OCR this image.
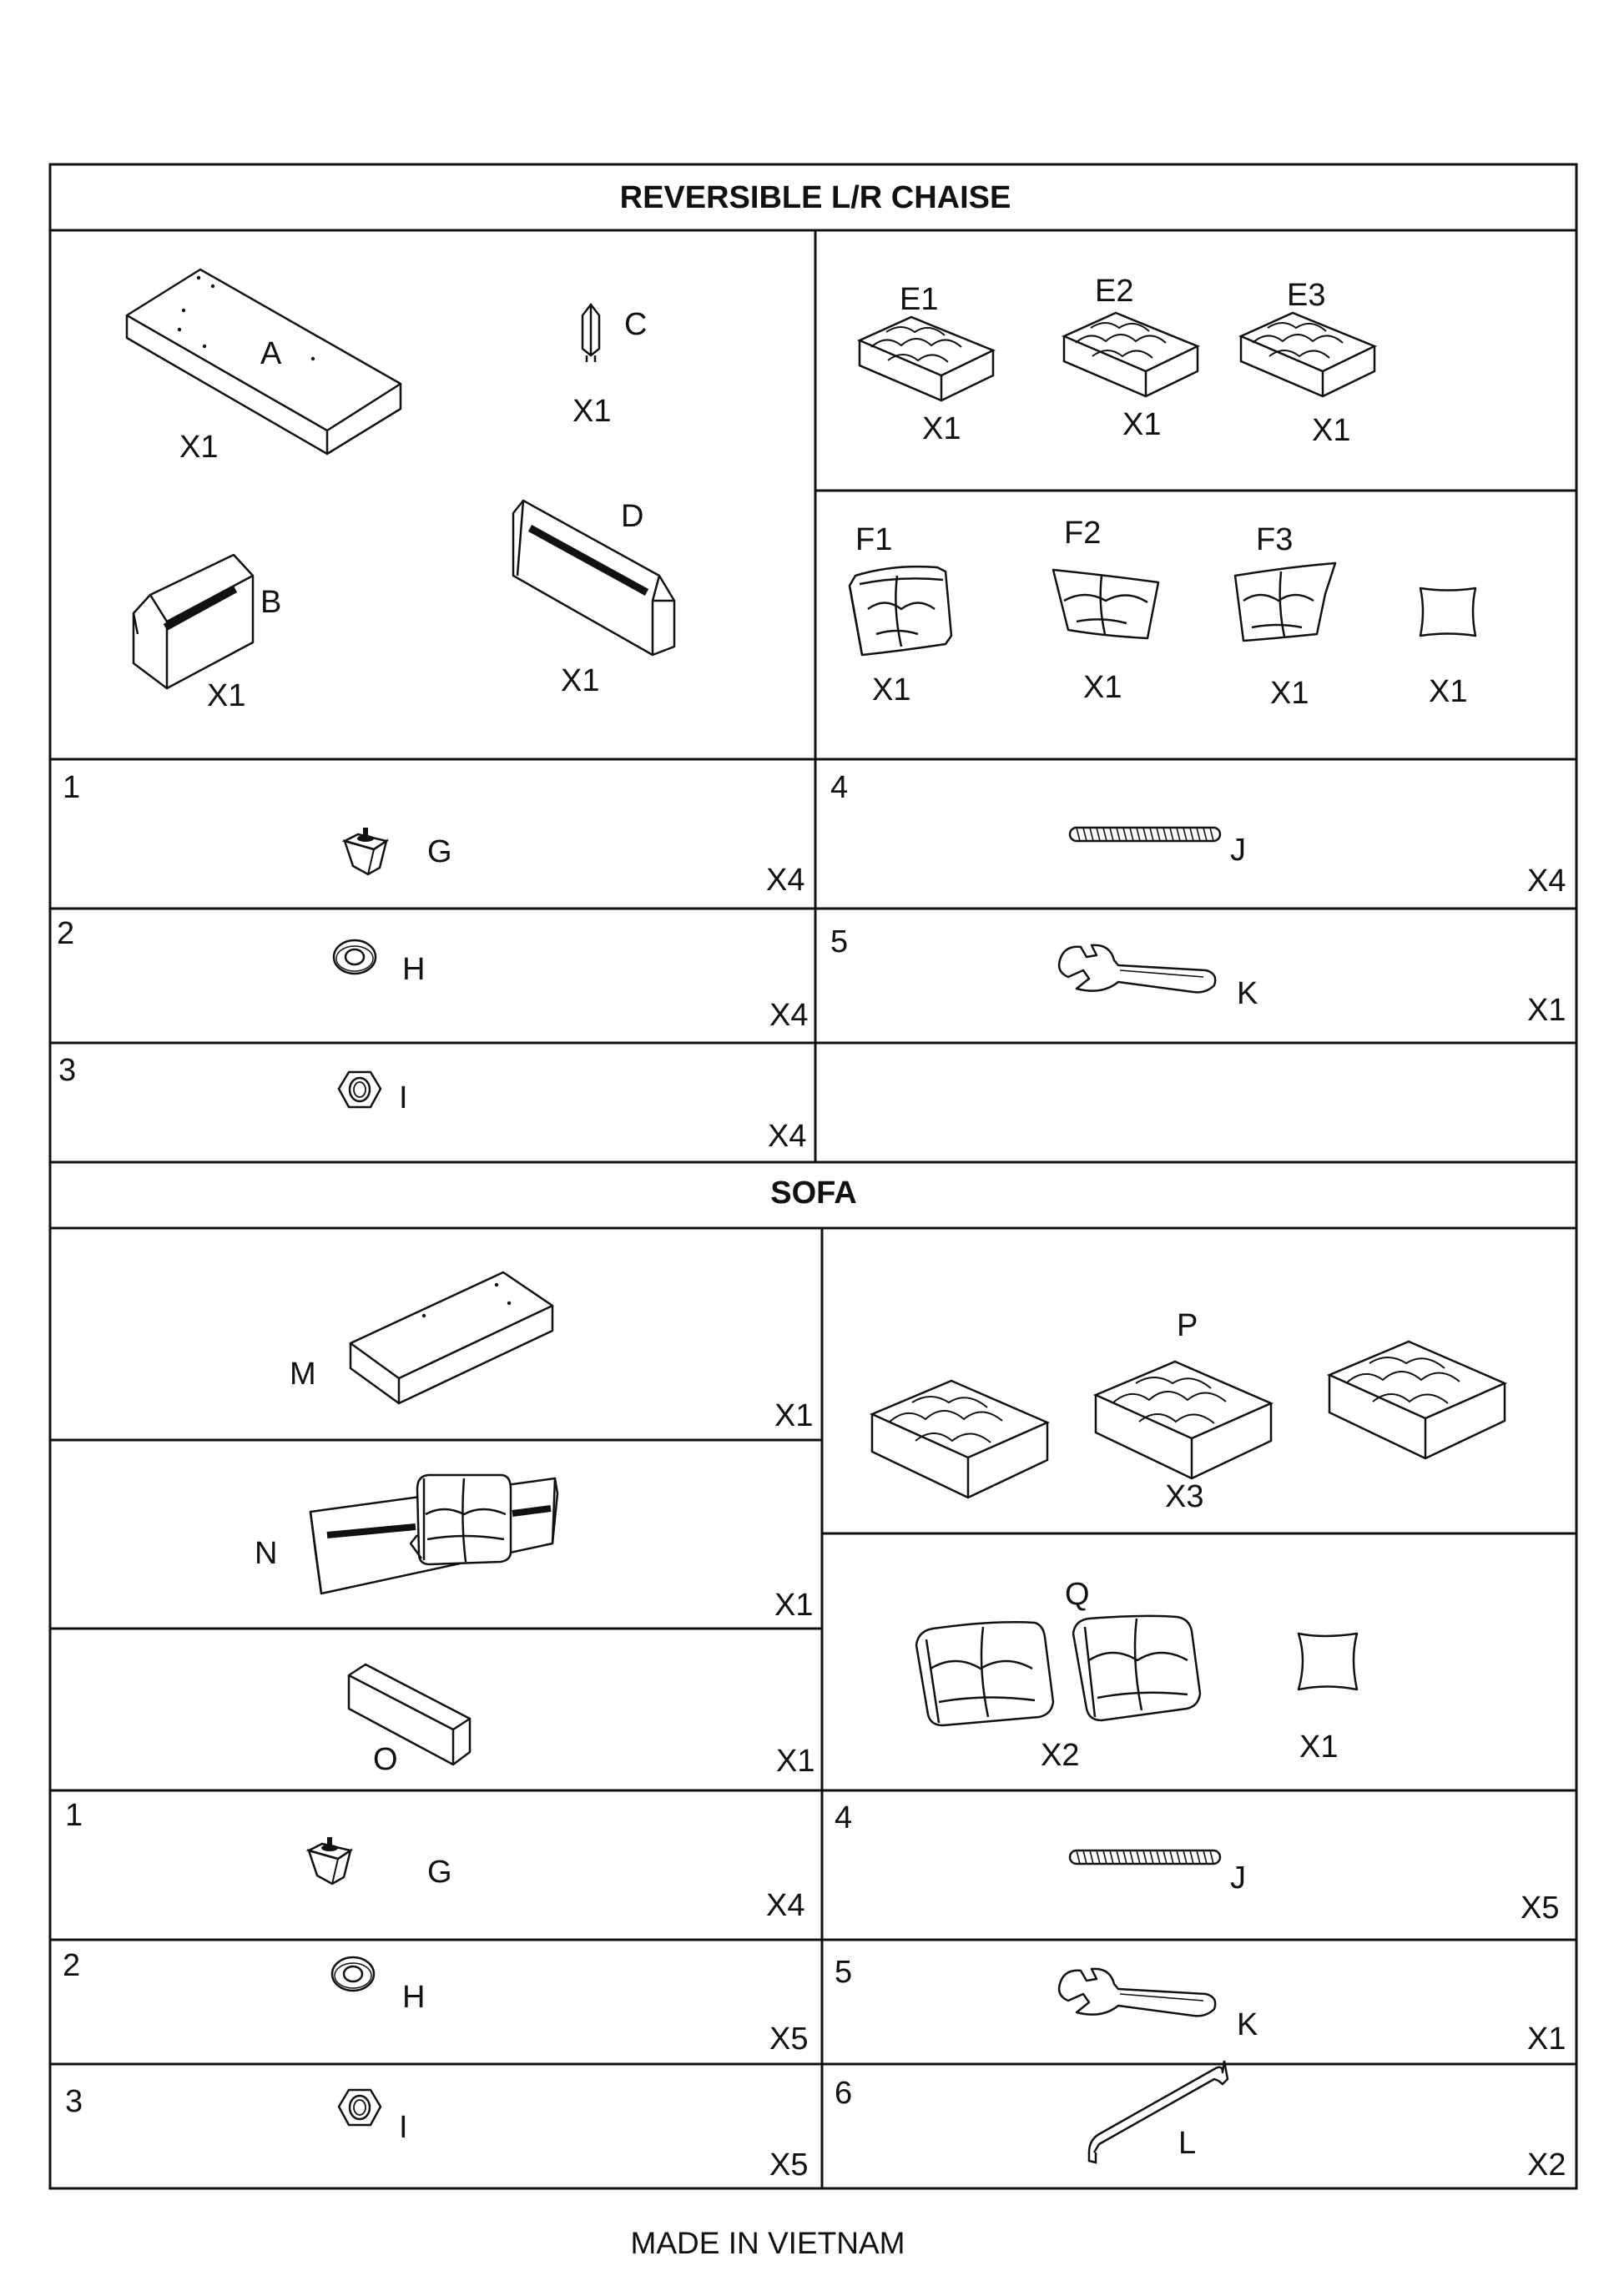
REVERSIBLE L/R CHAISE
A
X1
C
X1
B
X1
D
X1
E1	E2	E3
X1	X1	X1
F1	F2	F3
X1	X1	X1	X1
1
G
X4
2
H
X4
3
I
X4
4
J
X4
5
K	X1
SOFA
M
X1
N
X1
O	X1
P
X3
Q
X2	X1
1
G
X4
2
H
X5
3
I
X5
4
J
X5
5
K	X1
6
L
X2
MADE IN VIETNAM
